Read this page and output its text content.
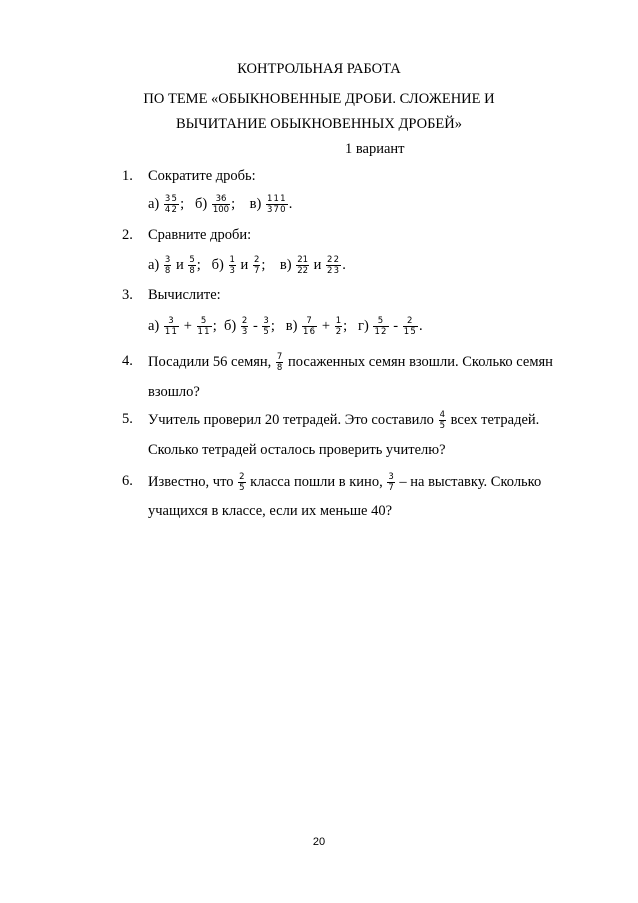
КОНТРОЛЬНАЯ РАБОТА
ПО ТЕМЕ «ОБЫКНОВЕННЫЕ ДРОБИ. СЛОЖЕНИЕ И
ВЫЧИТАНИЕ ОБЫКНОВЕННЫХ ДРОБЕЙ»
1 вариант
1. Сократите дробь:
$а) \frac{35}{42}$ ; $б) \frac{36}{100}$ ; $в) \frac{111}{370}$ .
2. Сравните дроби:
$а) \frac{3}{8}$ и $\frac{5}{8}$ ; $б) \frac{1}{3}$ и $\frac{2}{7}$ ; $в) \frac{21}{22}$ и $\frac{22}{23}$ .
3. Вычислите:
$а) \frac{3}{11} + \frac{5}{11}$ ; $б) \frac{2}{3} - \frac{3}{5}$ ; $в) \frac{7}{16} + \frac{1}{2}$ ; $г) \frac{5}{12} - \frac{2}{15}$ .
4. Посадили 56 семян, $\frac{7}{8}$ посаженных семян взошли. Сколько семян
взошло?
5. Учитель проверил 20 тетрадей. Это составило $\frac{4}{5}$ всех тетрадей.
Сколько тетрадей осталось проверить учителю?
6. Известно, что $\frac{2}{5}$ класса пошли в кино, $\frac{3}{7}$ – на выставку. Сколько
учащихся в классе, если их меньше 40?
20
